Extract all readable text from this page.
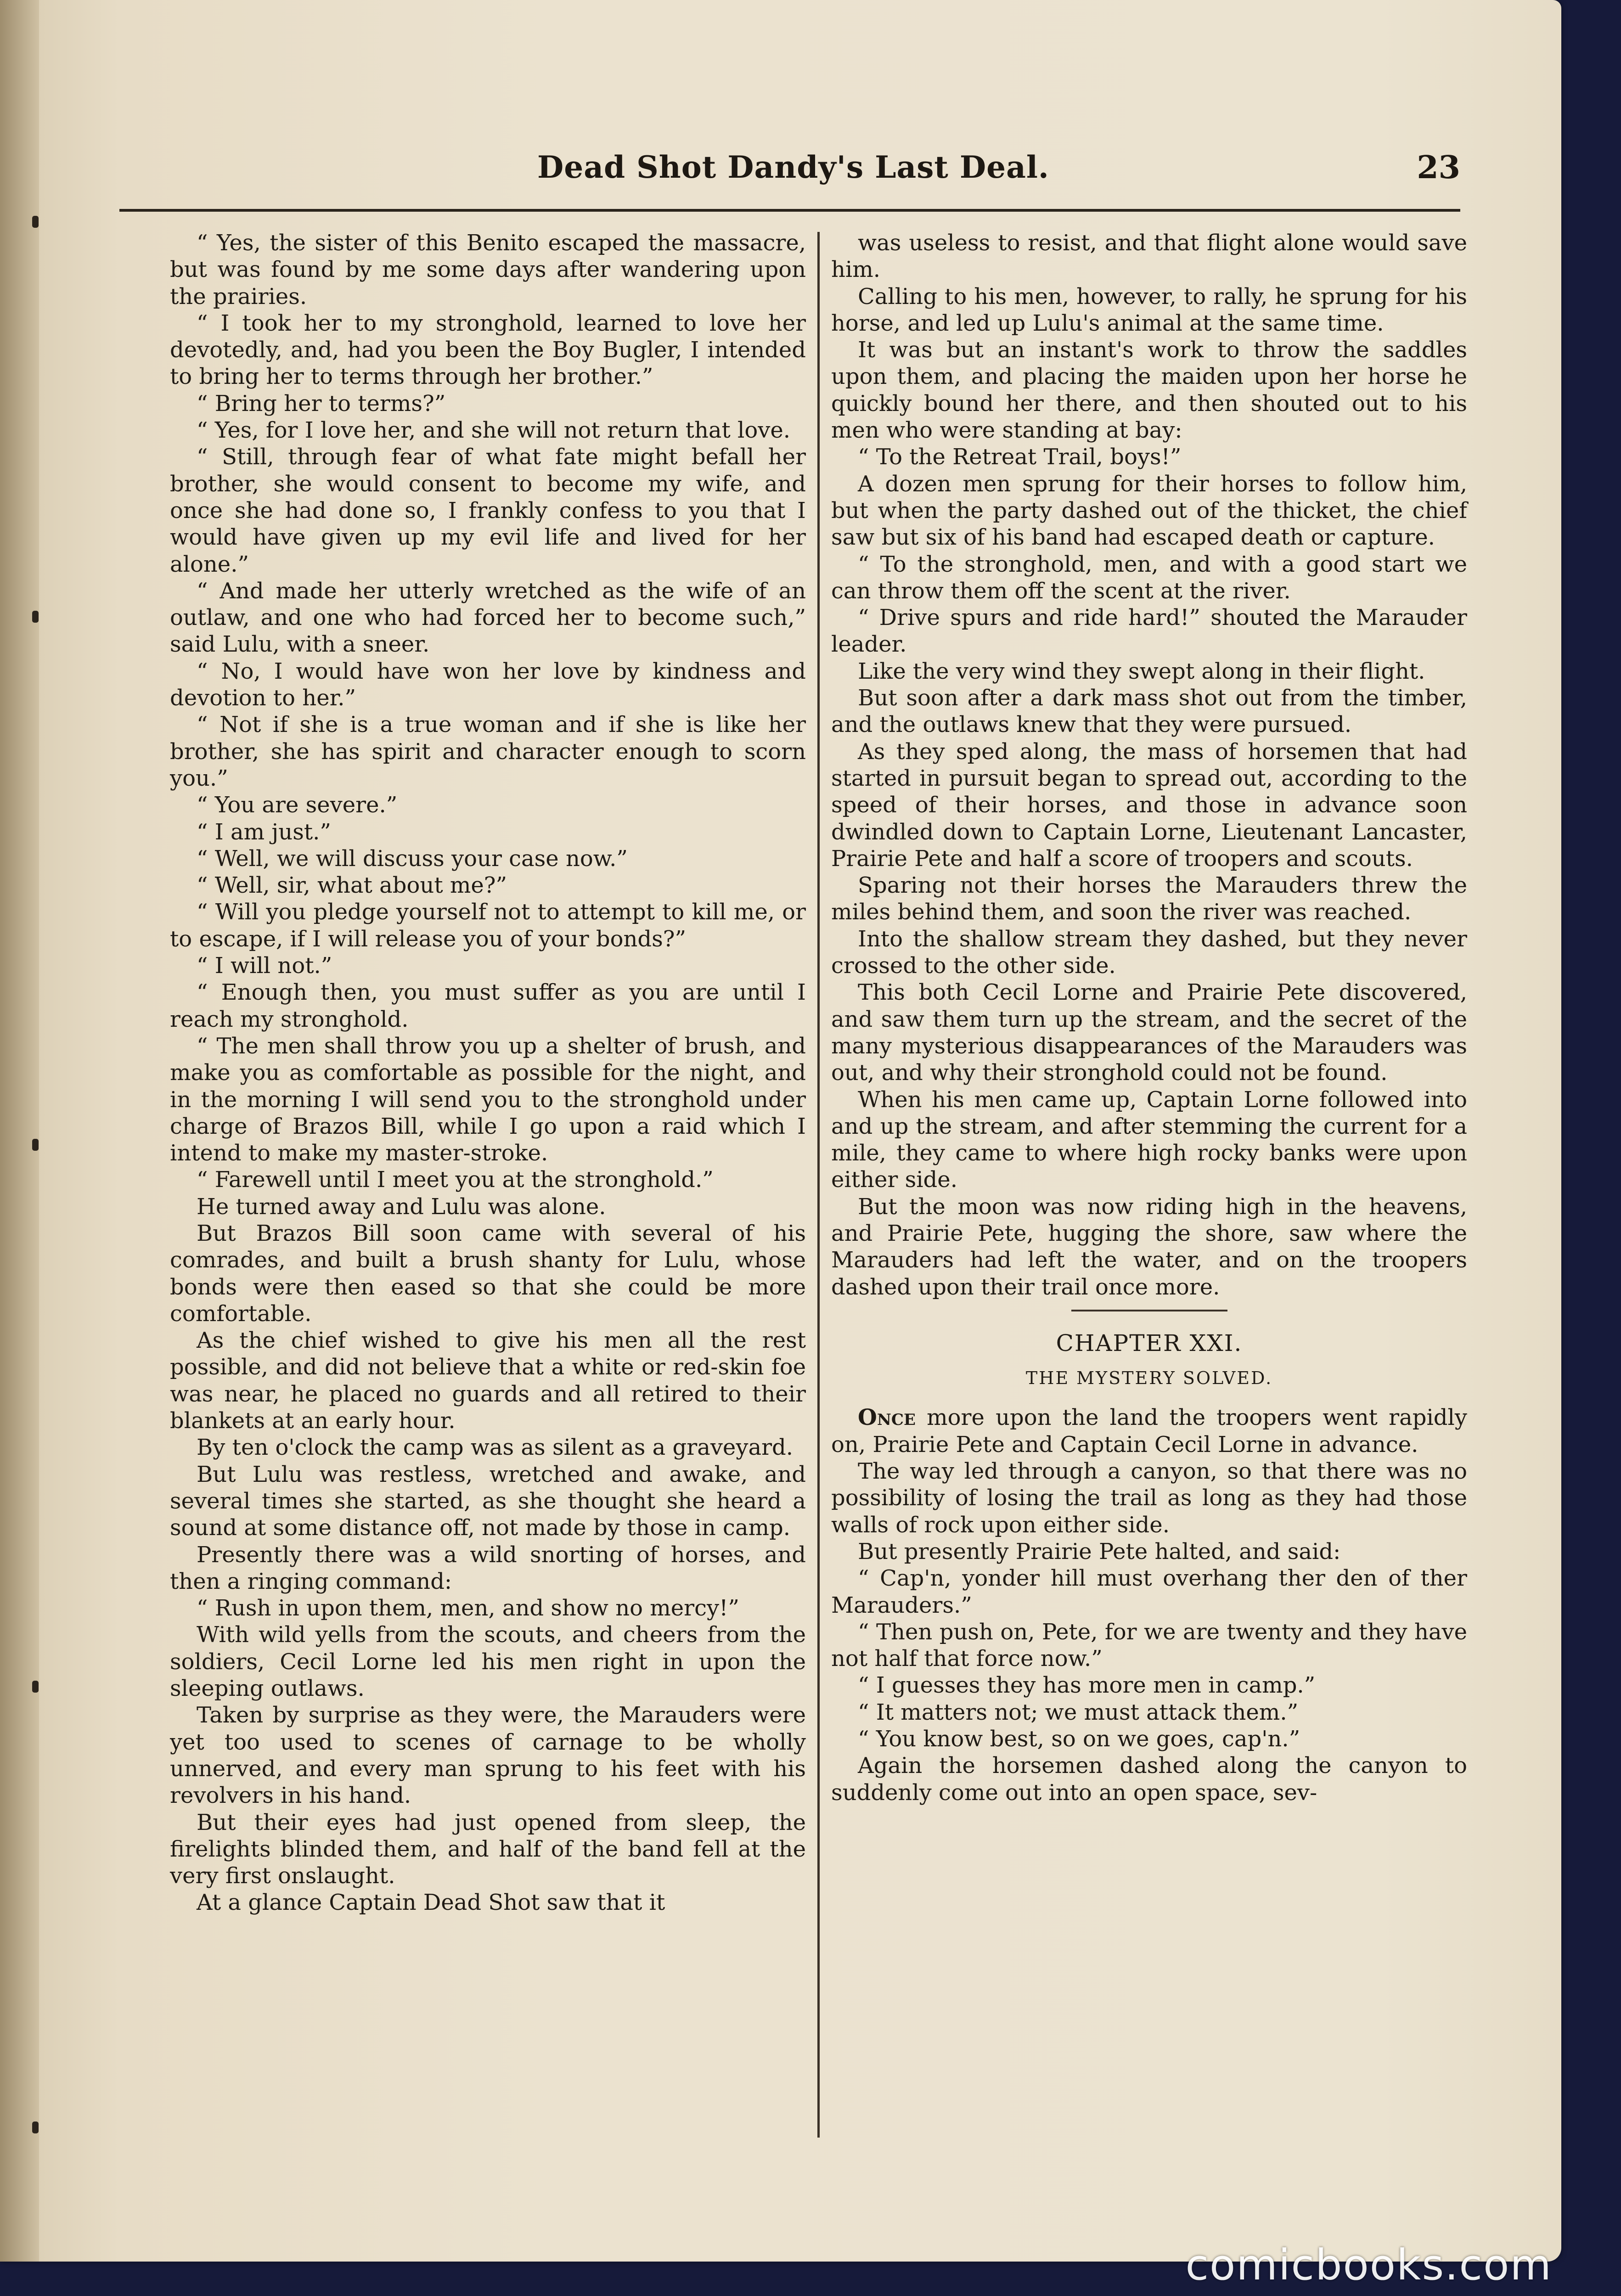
Dead Shot Dandy's Last Deal.	23

“ Yes, the sister of this Benito escaped the massacre, but was found by me some days after wandering upon the prairies.

“ I took her to my stronghold, learned to love her devotedly, and, had you been the Boy Bugler, I intended to bring her to terms through her brother.”

“ Bring her to terms?”

“ Yes, for I love her, and she will not return that love.

“ Still, through fear of what fate might befall her brother, she would consent to become my wife, and once she had done so, I frankly confess to you that I would have given up my evil life and lived for her alone.”

“ And made her utterly wretched as the wife of an outlaw, and one who had forced her to become such,” said Lulu, with a sneer.

“ No, I would have won her love by kindness and devotion to her.”

“ Not if she is a true woman and if she is like her brother, she has spirit and character enough to scorn you.”

“ You are severe.”

“ I am just.”

“ Well, we will discuss your case now.”

“ Well, sir, what about me?”

“ Will you pledge yourself not to attempt to kill me, or to escape, if I will release you of your bonds?”

“ I will not.”

“ Enough then, you must suffer as you are until I reach my stronghold.

“ The men shall throw you up a shelter of brush, and make you as comfortable as possible for the night, and in the morning I will send you to the stronghold under charge of Brazos Bill, while I go upon a raid which I intend to make my master-stroke.

“ Farewell until I meet you at the stronghold.”

He turned away and Lulu was alone.

But Brazos Bill soon came with several of his comrades, and built a brush shanty for Lulu, whose bonds were then eased so that she could be more comfortable.

As the chief wished to give his men all the rest possible, and did not believe that a white or red-skin foe was near, he placed no guards and all retired to their blankets at an early hour.

By ten o'clock the camp was as silent as a graveyard.

But Lulu was restless, wretched and awake, and several times she started, as she thought she heard a sound at some distance off, not made by those in camp.

Presently there was a wild snorting of horses, and then a ringing command:

“ Rush in upon them, men, and show no mercy!”

With wild yells from the scouts, and cheers from the soldiers, Cecil Lorne led his men right in upon the sleeping outlaws.

Taken by surprise as they were, the Marauders were yet too used to scenes of carnage to be wholly unnerved, and every man sprung to his feet with his revolvers in his hand.

But their eyes had just opened from sleep, the firelights blinded them, and half of the band fell at the very first onslaught.

At a glance Captain Dead Shot saw that it

was useless to resist, and that flight alone would save him.

Calling to his men, however, to rally, he sprung for his horse, and led up Lulu's animal at the same time.

It was but an instant's work to throw the saddles upon them, and placing the maiden upon her horse he quickly bound her there, and then shouted out to his men who were standing at bay:

“ To the Retreat Trail, boys!”

A dozen men sprung for their horses to follow him, but when the party dashed out of the thicket, the chief saw but six of his band had escaped death or capture.

“ To the stronghold, men, and with a good start we can throw them off the scent at the river.

“ Drive spurs and ride hard!” shouted the Marauder leader.

Like the very wind they swept along in their flight.

But soon after a dark mass shot out from the timber, and the outlaws knew that they were pursued.

As they sped along, the mass of horsemen that had started in pursuit began to spread out, according to the speed of their horses, and those in advance soon dwindled down to Captain Lorne, Lieutenant Lancaster, Prairie Pete and half a score of troopers and scouts.

Sparing not their horses the Marauders threw the miles behind them, and soon the river was reached.

Into the shallow stream they dashed, but they never crossed to the other side.

This both Cecil Lorne and Prairie Pete discovered, and saw them turn up the stream, and the secret of the many mysterious disappearances of the Marauders was out, and why their stronghold could not be found.

When his men came up, Captain Lorne followed into and up the stream, and after stemming the current for a mile, they came to where high rocky banks were upon either side.

But the moon was now riding high in the heavens, and Prairie Pete, hugging the shore, saw where the Marauders had left the water, and on the troopers dashed upon their trail once more.

CHAPTER XXI.

THE MYSTERY SOLVED.

Once more upon the land the troopers went rapidly on, Prairie Pete and Captain Cecil Lorne in advance.

The way led through a canyon, so that there was no possibility of losing the trail as long as they had those walls of rock upon either side.

But presently Prairie Pete halted, and said:

“ Cap'n, yonder hill must overhang ther den of ther Marauders.”

“ Then push on, Pete, for we are twenty and they have not half that force now.”

“ I guesses they has more men in camp.”

“ It matters not; we must attack them.”

“ You know best, so on we goes, cap'n.”

Again the horsemen dashed along the canyon to suddenly come out into an open space, sev-

comicbooks.com
